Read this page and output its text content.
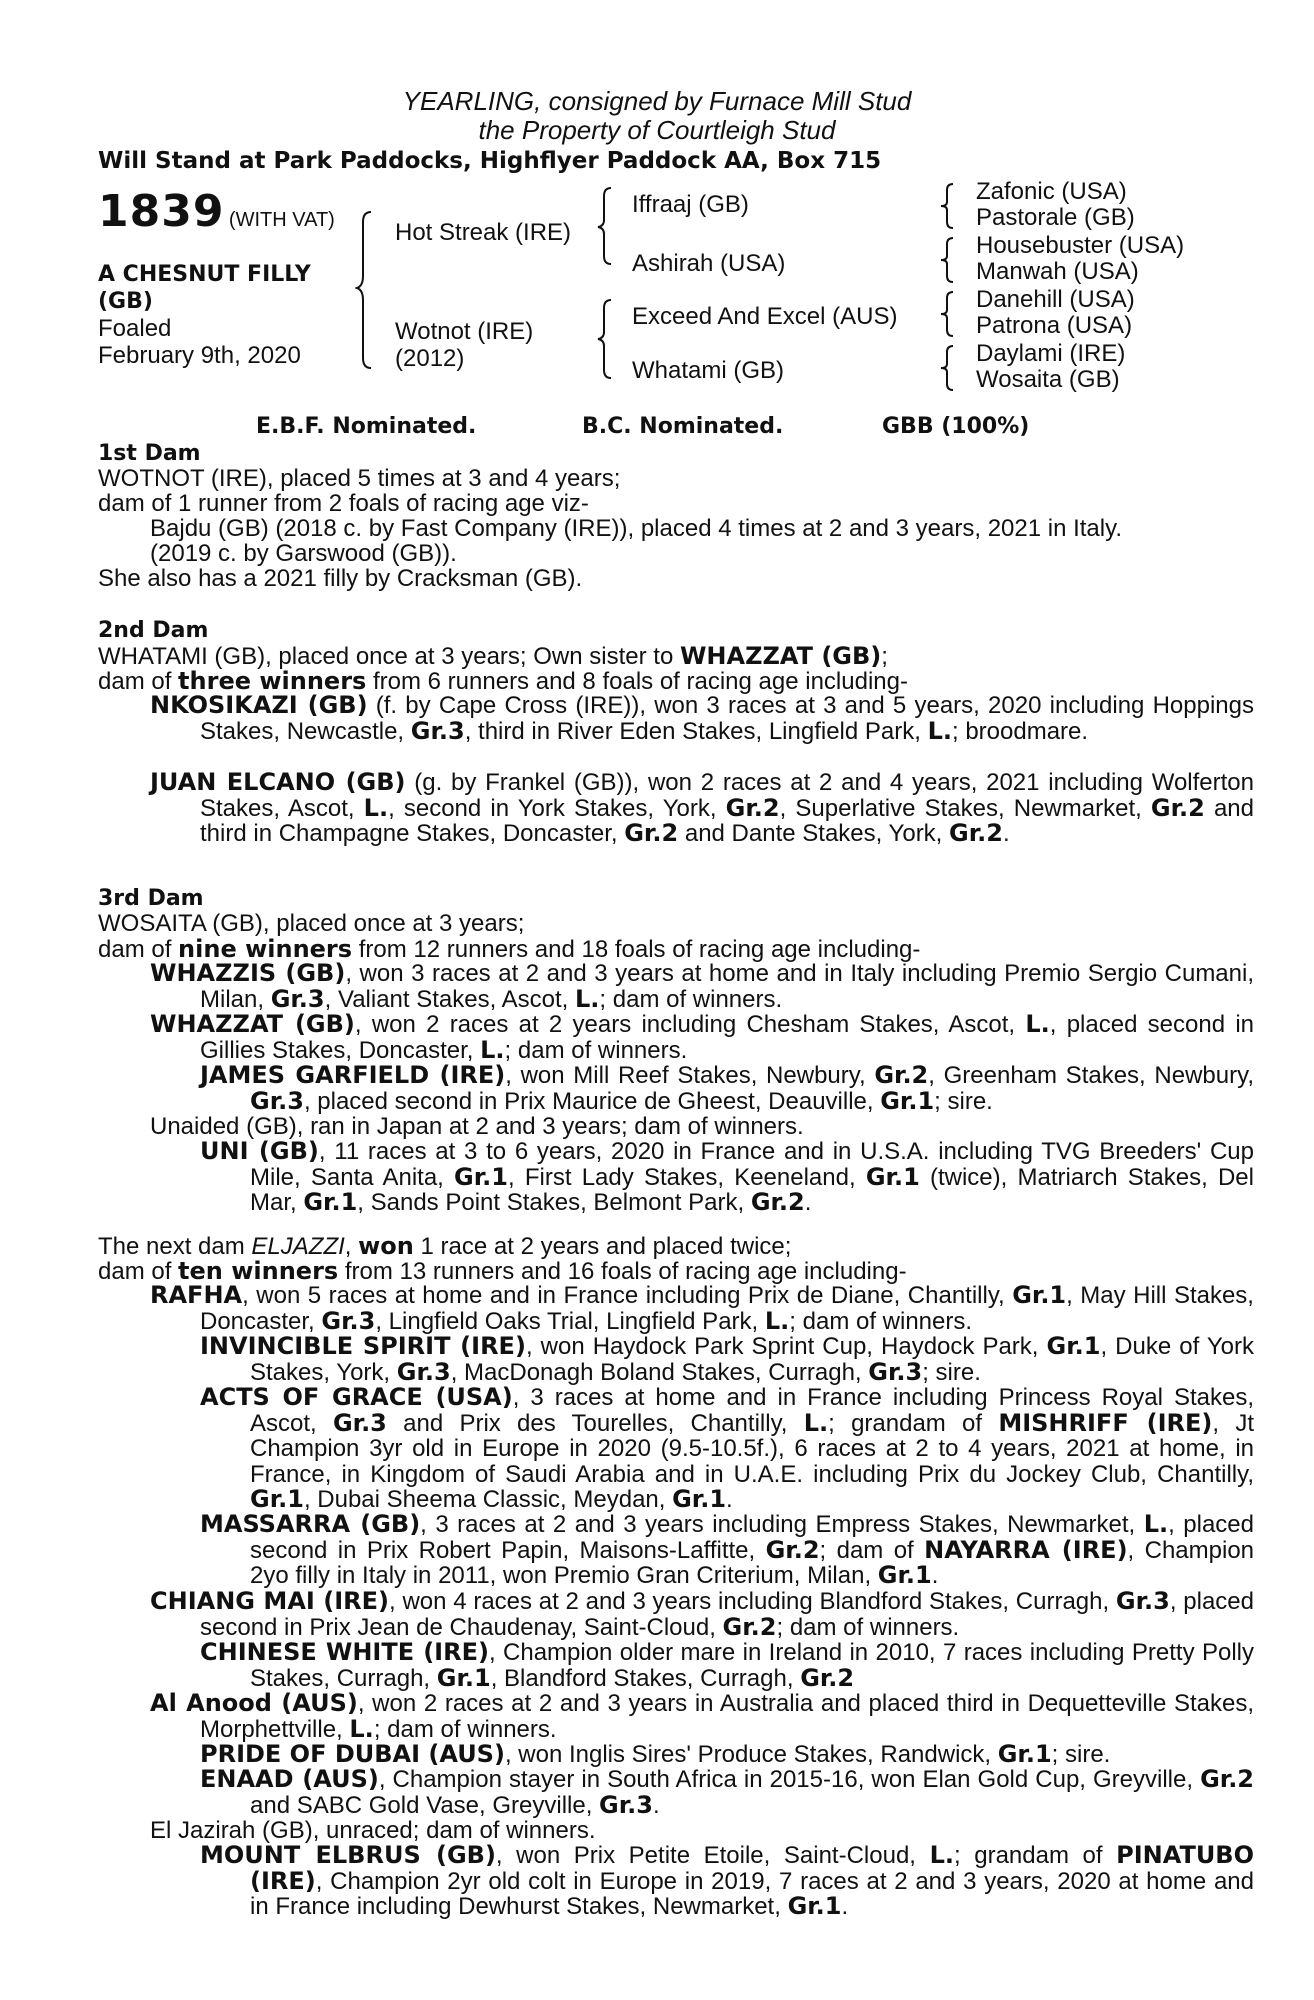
YEARLING, consigned by Furnace Mill Stud
the Property of Courtleigh Stud
Will Stand at Park Paddocks, Highflyer Paddock AA, Box 715
1839 (WITH VAT)
A CHESNUT FILLY
(GB)
Foaled
February 9th, 2020
Hot Streak (IRE)
Wotnot (IRE)
(2012)
Iffraaj (GB)
Ashirah (USA)
Exceed And Excel (AUS)
Whatami (GB)
Zafonic (USA)
Pastorale (GB)
Housebuster (USA)
Manwah (USA)
Danehill (USA)
Patrona (USA)
Daylami (IRE)
Wosaita (GB)
E.B.F. Nominated.	B.C. Nominated.	GBB (100%)
1st Dam
WOTNOT (IRE), placed 5 times at 3 and 4 years;
dam of 1 runner from 2 foals of racing age viz-
Bajdu (GB) (2018 c. by Fast Company (IRE)), placed 4 times at 2 and 3 years, 2021 in Italy.
(2019 c. by Garswood (GB)).
She also has a 2021 filly by Cracksman (GB).
2nd Dam
WHATAMI (GB), placed once at 3 years; Own sister to WHAZZAT (GB);
dam of three winners from 6 runners and 8 foals of racing age including-
NKOSIKAZI (GB) (f. by Cape Cross (IRE)), won 3 races at 3 and 5 years, 2020 including Hoppings Stakes, Newcastle, Gr.3, third in River Eden Stakes, Lingfield Park, L.; broodmare.
JUAN ELCANO (GB) (g. by Frankel (GB)), won 2 races at 2 and 4 years, 2021 including Wolferton Stakes, Ascot, L., second in York Stakes, York, Gr.2, Superlative Stakes, Newmarket, Gr.2 and third in Champagne Stakes, Doncaster, Gr.2 and Dante Stakes, York, Gr.2.
3rd Dam
WOSAITA (GB), placed once at 3 years;
dam of nine winners from 12 runners and 18 foals of racing age including-
WHAZZIS (GB), won 3 races at 2 and 3 years at home and in Italy including Premio Sergio Cumani, Milan, Gr.3, Valiant Stakes, Ascot, L.; dam of winners.
WHAZZAT (GB), won 2 races at 2 years including Chesham Stakes, Ascot, L., placed second in Gillies Stakes, Doncaster, L.; dam of winners.
JAMES GARFIELD (IRE), won Mill Reef Stakes, Newbury, Gr.2, Greenham Stakes, Newbury, Gr.3, placed second in Prix Maurice de Gheest, Deauville, Gr.1; sire.
Unaided (GB), ran in Japan at 2 and 3 years; dam of winners.
UNI (GB), 11 races at 3 to 6 years, 2020 in France and in U.S.A. including TVG Breeders' Cup Mile, Santa Anita, Gr.1, First Lady Stakes, Keeneland, Gr.1 (twice), Matriarch Stakes, Del Mar, Gr.1, Sands Point Stakes, Belmont Park, Gr.2.
The next dam ELJAZZI, won 1 race at 2 years and placed twice;
dam of ten winners from 13 runners and 16 foals of racing age including-
RAFHA, won 5 races at home and in France including Prix de Diane, Chantilly, Gr.1, May Hill Stakes, Doncaster, Gr.3, Lingfield Oaks Trial, Lingfield Park, L.; dam of winners.
INVINCIBLE SPIRIT (IRE), won Haydock Park Sprint Cup, Haydock Park, Gr.1, Duke of York Stakes, York, Gr.3, MacDonagh Boland Stakes, Curragh, Gr.3; sire.
ACTS OF GRACE (USA), 3 races at home and in France including Princess Royal Stakes, Ascot, Gr.3 and Prix des Tourelles, Chantilly, L.; grandam of MISHRIFF (IRE), Jt Champion 3yr old in Europe in 2020 (9.5-10.5f.), 6 races at 2 to 4 years, 2021 at home, in France, in Kingdom of Saudi Arabia and in U.A.E. including Prix du Jockey Club, Chantilly, Gr.1, Dubai Sheema Classic, Meydan, Gr.1.
MASSARRA (GB), 3 races at 2 and 3 years including Empress Stakes, Newmarket, L., placed second in Prix Robert Papin, Maisons-Laffitte, Gr.2; dam of NAYARRA (IRE), Champion 2yo filly in Italy in 2011, won Premio Gran Criterium, Milan, Gr.1.
CHIANG MAI (IRE), won 4 races at 2 and 3 years including Blandford Stakes, Curragh, Gr.3, placed second in Prix Jean de Chaudenay, Saint-Cloud, Gr.2; dam of winners.
CHINESE WHITE (IRE), Champion older mare in Ireland in 2010, 7 races including Pretty Polly Stakes, Curragh, Gr.1, Blandford Stakes, Curragh, Gr.2
Al Anood (AUS), won 2 races at 2 and 3 years in Australia and placed third in Dequetteville Stakes, Morphettville, L.; dam of winners.
PRIDE OF DUBAI (AUS), won Inglis Sires' Produce Stakes, Randwick, Gr.1; sire.
ENAAD (AUS), Champion stayer in South Africa in 2015-16, won Elan Gold Cup, Greyville, Gr.2 and SABC Gold Vase, Greyville, Gr.3.
El Jazirah (GB), unraced; dam of winners.
MOUNT ELBRUS (GB), won Prix Petite Etoile, Saint-Cloud, L.; grandam of PINATUBO (IRE), Champion 2yr old colt in Europe in 2019, 7 races at 2 and 3 years, 2020 at home and in France including Dewhurst Stakes, Newmarket, Gr.1.
